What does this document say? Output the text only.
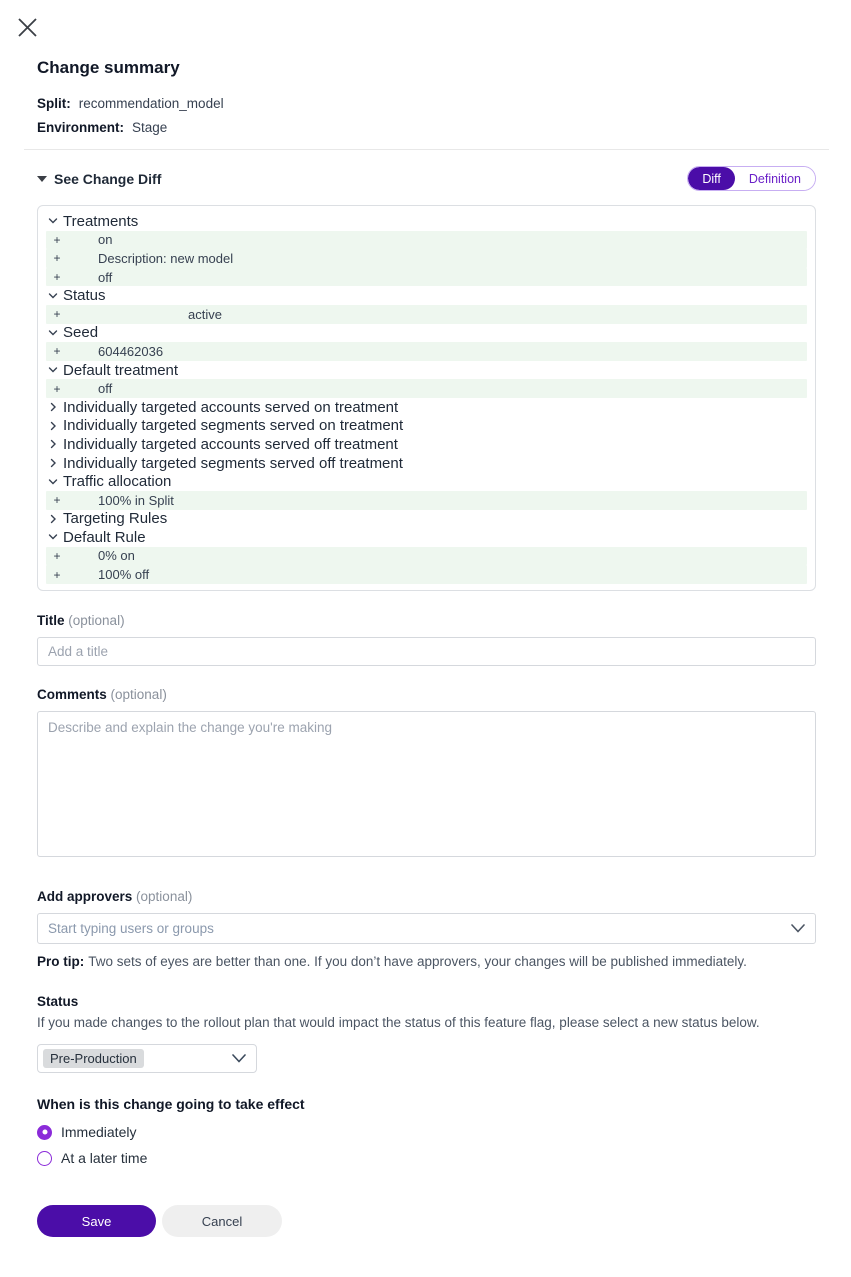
Change summary
Split: recommendation_model
Environment: Stage
See Change Diff	Diff	Definition
Treatments
+	on
+	Description: new model
+	off
Status
+	active
Seed
+	604462036
Default treatment
+	off
Individually targeted accounts served on treatment
Individually targeted segments served on treatment
Individually targeted accounts served off treatment
Individually targeted segments served off treatment
Traffic allocation
+	100% in Split
Targeting Rules
Default Rule
+	0% on
+	100% off
Title (optional)
Add a title
Comments (optional)
Describe and explain the change you're making
Add approvers (optional)
Start typing users or groups

Pro tip: Two sets of eyes are better than one. If you don’t have approvers, your changes will be published immediately.

Status

If you made changes to the rollout plan that would impact the status of this feature flag, please select a new status below.

Pre-Production
When is this change going to take effect
Immediately
At a later time
Save	Cancel
